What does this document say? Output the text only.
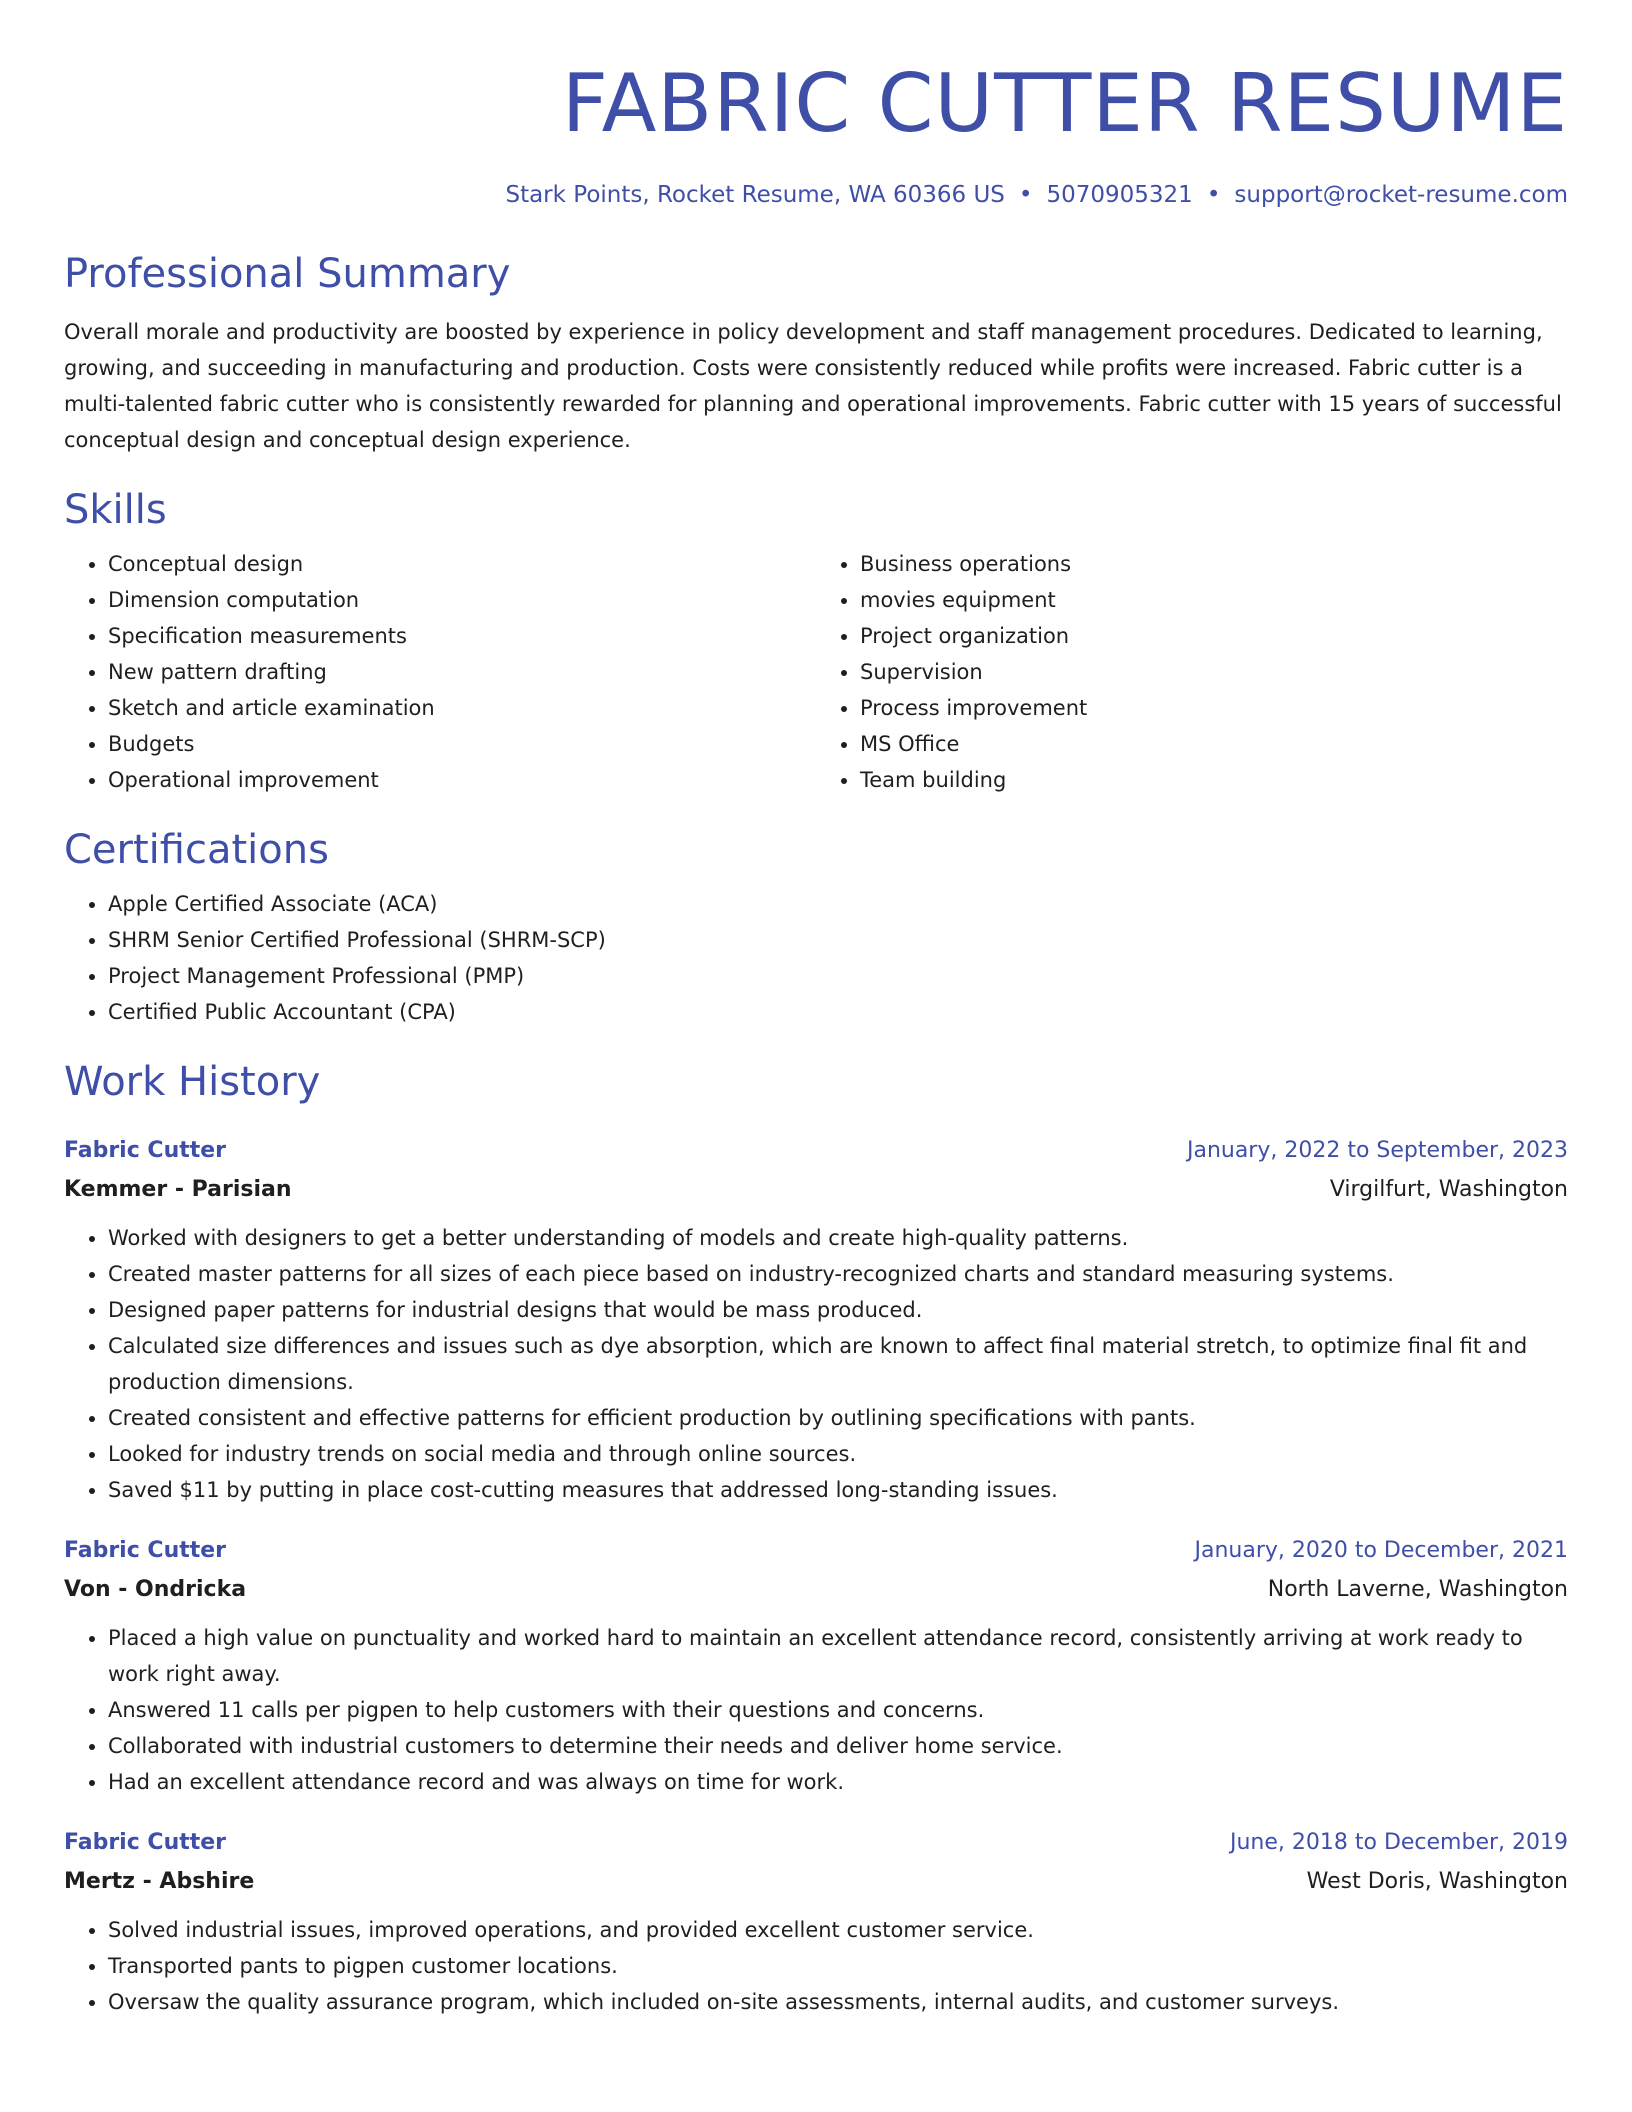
FABRIC CUTTER RESUME
Stark Points, Rocket Resume, WA 60366 US • 5070905321 • support@rocket-resume.com
Professional Summary

Overall morale and productivity are boosted by experience in policy development and staff management procedures. Dedicated to learning, growing, and succeeding in manufacturing and production. Costs were consistently reduced while profits were increased. Fabric cutter is a multi-talented fabric cutter who is consistently rewarded for planning and operational improvements. Fabric cutter with 15 years of successful conceptual design and conceptual design experience.

Skills
• Conceptual design
• Dimension computation
• Specification measurements
• New pattern drafting
• Sketch and article examination
• Budgets
• Operational improvement
• Business operations
• movies equipment
• Project organization
• Supervision
• Process improvement
• MS Office
• Team building
Certifications
• Apple Certified Associate (ACA)
• SHRM Senior Certified Professional (SHRM-SCP)
• Project Management Professional (PMP)
• Certified Public Accountant (CPA)
Work History
Fabric Cutter	January, 2022 to September, 2023
Kemmer - Parisian	Virgilfurt, Washington
• Worked with designers to get a better understanding of models and create high-quality patterns.
• Created master patterns for all sizes of each piece based on industry-recognized charts and standard measuring systems.
• Designed paper patterns for industrial designs that would be mass produced.
• Calculated size differences and issues such as dye absorption, which are known to affect final material stretch, to optimize final fit and production dimensions.
• Created consistent and effective patterns for efficient production by outlining specifications with pants.
• Looked for industry trends on social media and through online sources.
• Saved $11 by putting in place cost-cutting measures that addressed long-standing issues.
Fabric Cutter	January, 2020 to December, 2021
Von - Ondricka	North Laverne, Washington
• Placed a high value on punctuality and worked hard to maintain an excellent attendance record, consistently arriving at work ready to work right away.
• Answered 11 calls per pigpen to help customers with their questions and concerns.
• Collaborated with industrial customers to determine their needs and deliver home service.
• Had an excellent attendance record and was always on time for work.
Fabric Cutter	June, 2018 to December, 2019
Mertz - Abshire	West Doris, Washington
• Solved industrial issues, improved operations, and provided excellent customer service.
• Transported pants to pigpen customer locations.
• Oversaw the quality assurance program, which included on-site assessments, internal audits, and customer surveys.
